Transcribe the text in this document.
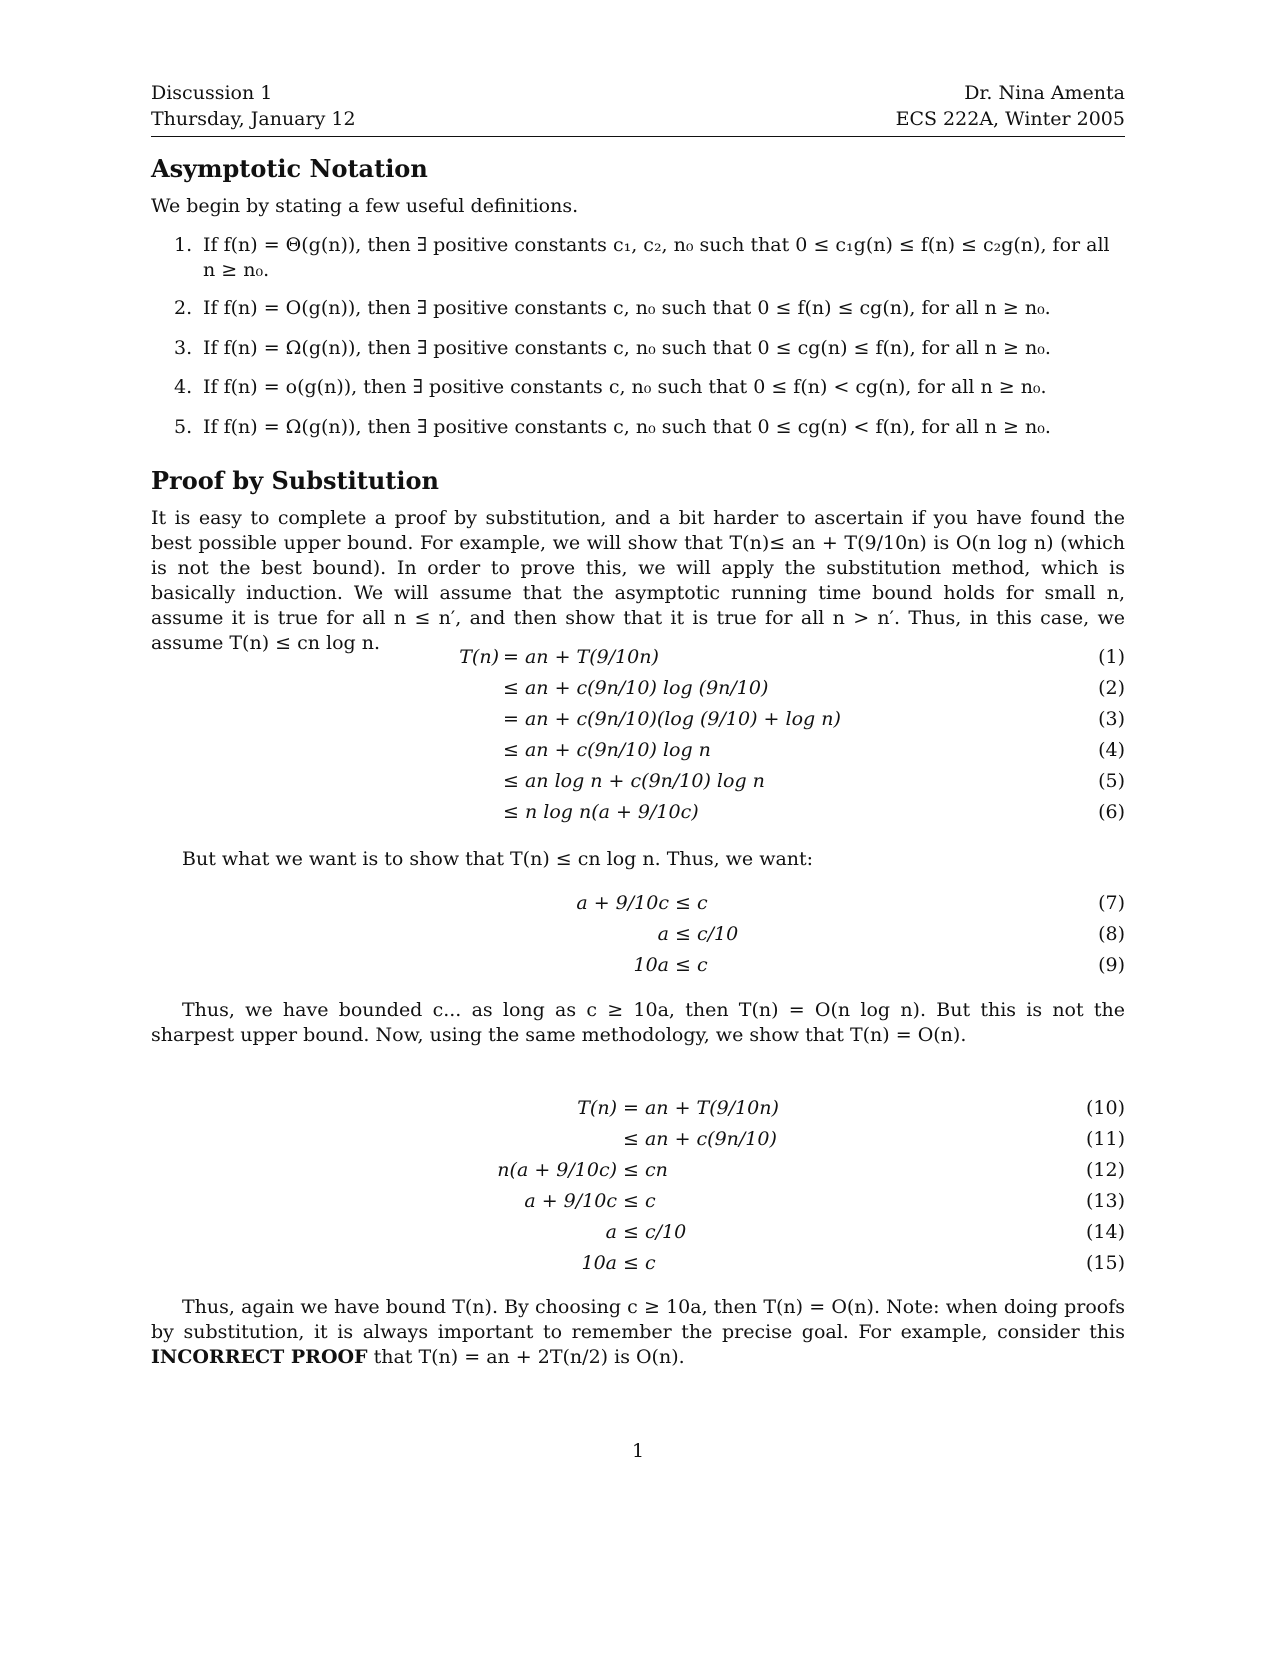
Discussion 1
Thursday, January 12
Dr. Nina Amenta
ECS 222A, Winter 2005
Asymptotic Notation
We begin by stating a few useful definitions.
1. If f(n) = Θ(g(n)), then ∃ positive constants c₁, c₂, n₀ such that 0 ≤ c₁g(n) ≤ f(n) ≤ c₂g(n), for all n ≥ n₀.
2. If f(n) = O(g(n)), then ∃ positive constants c, n₀ such that 0 ≤ f(n) ≤ cg(n), for all n ≥ n₀.
3. If f(n) = Ω(g(n)), then ∃ positive constants c, n₀ such that 0 ≤ cg(n) ≤ f(n), for all n ≥ n₀.
4. If f(n) = o(g(n)), then ∃ positive constants c, n₀ such that 0 ≤ f(n) < cg(n), for all n ≥ n₀.
5. If f(n) = Ω(g(n)), then ∃ positive constants c, n₀ such that 0 ≤ cg(n) < f(n), for all n ≥ n₀.
Proof by Substitution
It is easy to complete a proof by substitution, and a bit harder to ascertain if you have found the best possible upper bound. For example, we will show that T(n)≤ an + T(9/10n) is O(n log n) (which is not the best bound). In order to prove this, we will apply the substitution method, which is basically induction. We will assume that the asymptotic running time bound holds for small n, assume it is true for all n ≤ n′, and then show that it is true for all n > n′. Thus, in this case, we assume T(n) ≤ cn log n.
T(n) = an + T(9/10n)	(1)
≤ an + c(9n/10) log (9n/10)	(2)
= an + c(9n/10)(log (9/10) + log n)	(3)
≤ an + c(9n/10) log n	(4)
≤ an log n + c(9n/10) log n	(5)
≤ n log n(a + 9/10c)	(6)
But what we want is to show that T(n) ≤ cn log n. Thus, we want:
a + 9/10c ≤ c	(7)
a ≤ c/10	(8)
10a ≤ c	(9)
Thus, we have bounded c... as long as c ≥ 10a, then T(n) = O(n log n). But this is not the sharpest upper bound. Now, using the same methodology, we show that T(n) = O(n).
T(n) = an + T(9/10n)	(10)
≤ an + c(9n/10)	(11)
n(a + 9/10c) ≤ cn	(12)
a + 9/10c ≤ c	(13)
a ≤ c/10	(14)
10a ≤ c	(15)
Thus, again we have bound T(n). By choosing c ≥ 10a, then T(n) = O(n). Note: when doing proofs by substitution, it is always important to remember the precise goal. For example, consider this INCORRECT PROOF that T(n) = an + 2T(n/2) is O(n).
1
